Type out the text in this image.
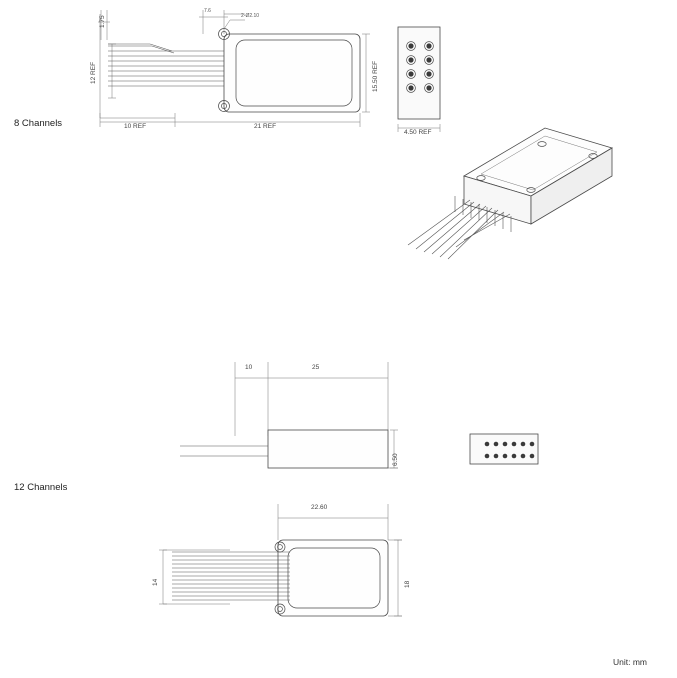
8 Channels
12 Channels
Unit: mm
1.75
7.6
2-Ø2.10
12 REF	15.50 REF
10 REF	21 REF
4.50 REF
10	25
6.50
22.60
14	18
